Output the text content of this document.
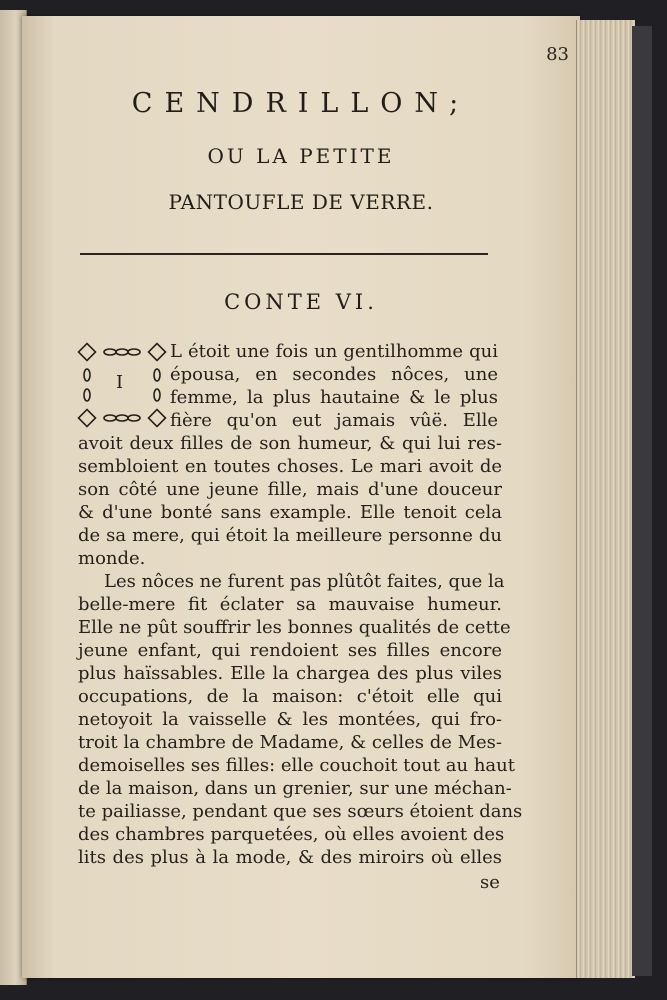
83
CENDRILLON;
OU LA PETITE
PANTOUFLE DE VERRE.
CONTE VI.
I
L étoit une fois un gentilhomme qui
épousa, en secondes nôces, une
femme, la plus hautaine & le plus
fière qu'on eut jamais vûë. Elle
avoit deux filles de son humeur, & qui lui res-
sembloient en toutes choses. Le mari avoit de
son côté une jeune fille, mais d'une douceur
& d'une bonté sans example. Elle tenoit cela
de sa mere, qui étoit la meilleure personne du
monde.
Les nôces ne furent pas plûtôt faites, que la
belle-mere fit éclater sa mauvaise humeur.
Elle ne pût souffrir les bonnes qualités de cette
jeune enfant, qui rendoient ses filles encore
plus haïssables. Elle la chargea des plus viles
occupations, de la maison: c'étoit elle qui
netoyoit la vaisselle & les montées, qui fro-
troit la chambre de Madame, & celles de Mes-
demoiselles ses filles: elle couchoit tout au haut
de la maison, dans un grenier, sur une méchan-
te pailiasse, pendant que ses sœurs étoient dans
des chambres parquetées, où elles avoient des
lits des plus à la mode, & des miroirs où elles
se
